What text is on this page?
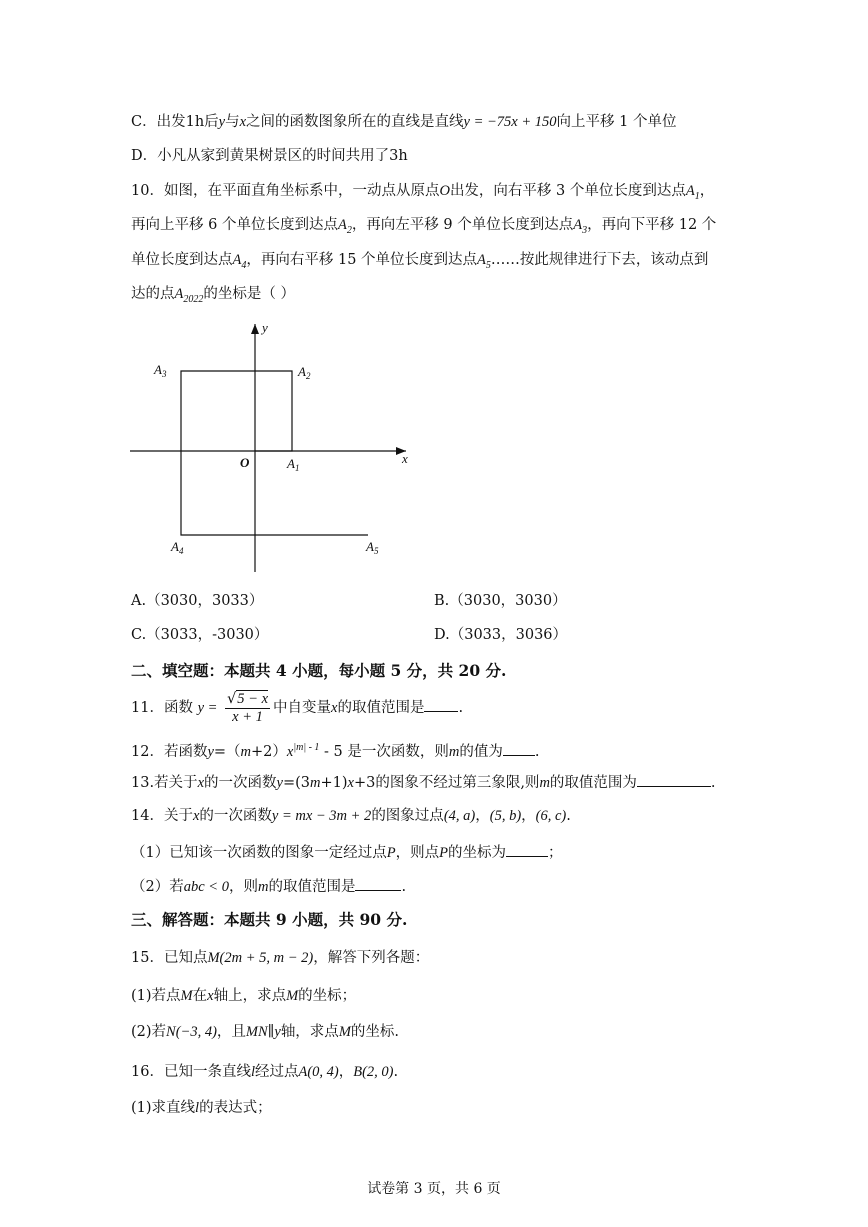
C．出发1h后y与x之间的函数图象所在的直线是直线y = −75x + 150向上平移 1 个单位
D．小凡从家到黄果树景区的时间共用了3h
10．如图，在平面直角坐标系中，一动点从原点O出发，向右平移 3 个单位长度到达点$A_1$，
再向上平移 6 个单位长度到达点$A_2$，再向左平移 9 个单位长度到达点$A_3$，再向下平移 12 个
单位长度到达点$A_4$，再向右平移 15 个单位长度到达点$A_5\dots\dots$按此规律进行下去，该动点到
达的点$A_{2022}$的坐标是（ ）
y
x
O	$A_1$
$A_2$
$A_3$
$A_4$	$A_5$
A.（3030，3033）	B.（3030，3030）
C.（3033，-3030）	D.（3033，3036）
二、填空题：本题共 4 小题，每小题 5 分，共 20 分.
11．函数 $y = \frac{√5 - x}{x + 1}$ 中自变量x的取值范围是 .
12．若函数$y=(m+2)x^{|m| - 1} - 5$ 是一次函数，则m的值为 .
13.若关于x的一次函数y=(3m+1)x+3的图象不经过第三象限,则m的取值范围为	.
14．关于x的一次函数y = mx − 3m + 2的图象过点(4, a)，(5, b)，(6, c).
（1）已知该一次函数的图象一定经过点P，则点P的坐标为	；
（2）若abc < 0，则m的取值范围是	.
三、解答题：本题共 9 小题，共 90 分.
15．已知点M(2m + 5, m − 2)，解答下列各题：
(1)若点M在x轴上，求点M的坐标；
(2)若N(−3, 4)，且MN∥y轴，求点M的坐标.
16．已知一条直线l经过点A(0, 4)，B(2, 0).
(1)求直线l的表达式；
试卷第 3 页，共 6 页
